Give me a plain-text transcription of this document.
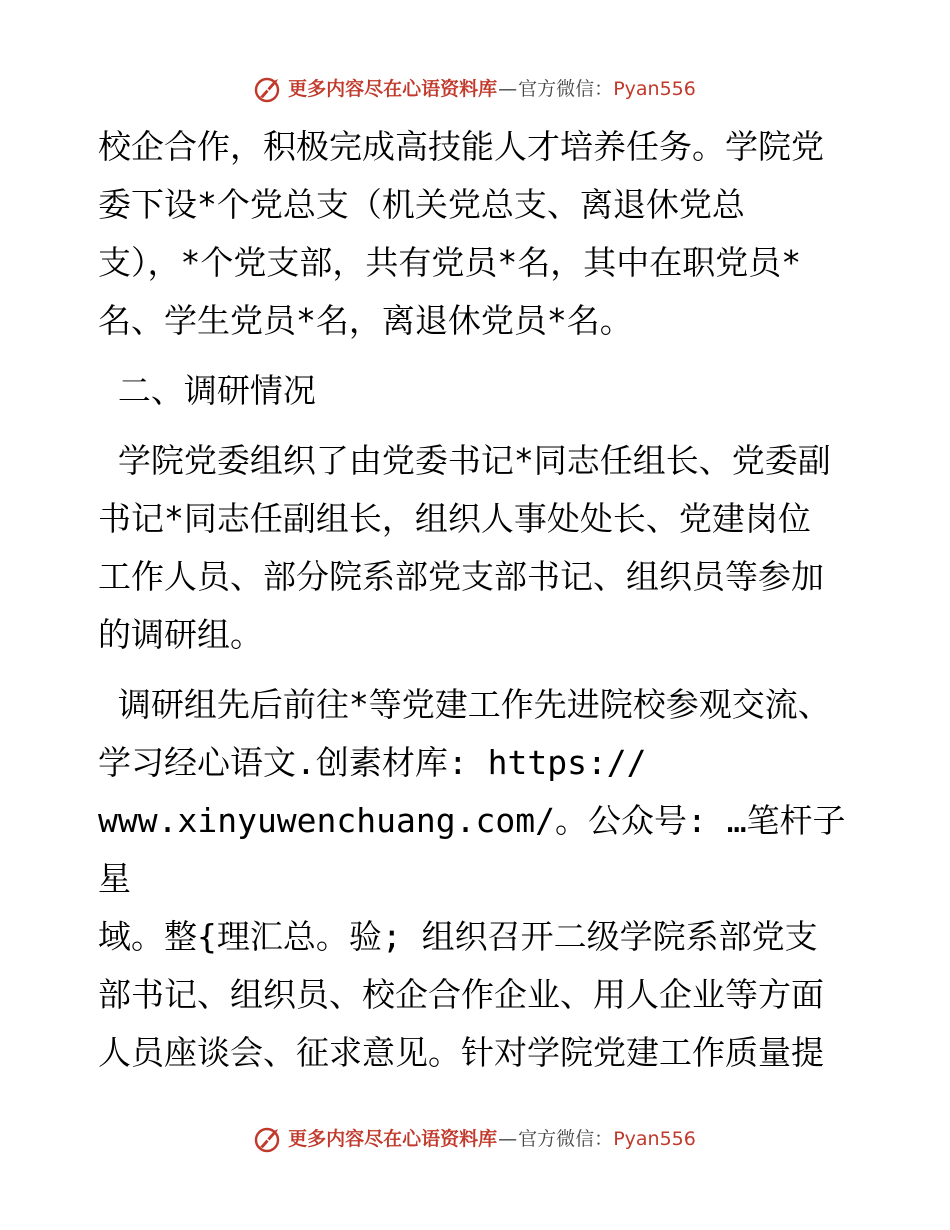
更多内容尽在心语资料库 — 官方微信： Pyan556
校企合作，积极完成高技能人才培养任务。学院党
委下设*个党总支（机关党总支、离退休党总
支），*个党支部，共有党员*名，其中在职党员*
名、学生党员*名，离退休党员*名。
二、调研情况
学院党委组织了由党委书记*同志任组长、党委副
书记*同志任副组长，组织人事处处长、党建岗位
工作人员、部分院系部党支部书记、组织员等参加
的调研组。
调研组先后前往*等党建工作先进院校参观交流、
学习经心语文.创素材库: https://
www.xinyuwenchuang.com/。公众号: …笔杆子星
域。整{理汇总。验; 组织召开二级学院系部党支
部书记、组织员、校企合作企业、用人企业等方面
人员座谈会、征求意见。针对学院党建工作质量提
更多内容尽在心语资料库 — 官方微信： Pyan556
